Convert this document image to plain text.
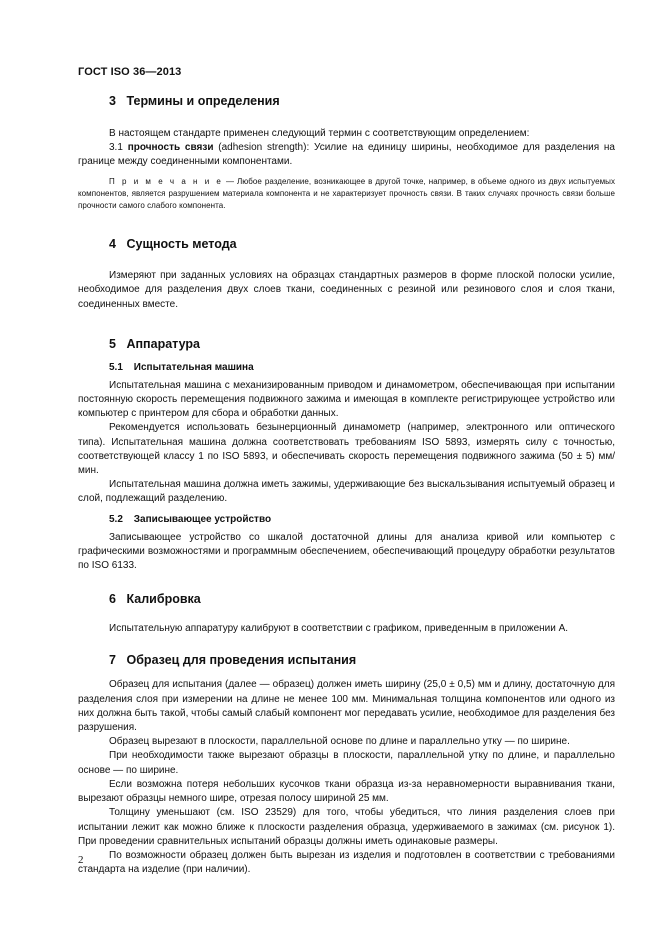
ГОСТ ISO 36—2013
3 Термины и определения

В настоящем стандарте применен следующий термин с соответствующим определением:

3.1 прочность связи (adhesion strength): Усилие на единицу ширины, необходимое для разделения на границе между соединенными компонентами.

П р и м е ч а н и е — Любое разделение, возникающее в другой точке, например, в объеме одного из двух испытуемых компонентов, является разрушением материала компонента и не характеризует прочность связи. В таких случаях прочность связи больше прочности самого слабого компонента.

4 Сущность метода

Измеряют при заданных условиях на образцах стандартных размеров в форме плоской полоски усилие, необходимое для разделения двух слоев ткани, соединенных с резиной или резинового слоя и слоя ткани, соединенных вместе.

5 Аппаратура
5.1 Испытательная машина

Испытательная машина с механизированным приводом и динамометром, обеспечивающая при испытании постоянную скорость перемещения подвижного зажима и имеющая в комплекте регистрирующее устройство или компьютер с принтером для сбора и обработки данных.

Рекомендуется использовать безынерционный динамометр (например, электронного или оптического типа). Испытательная машина должна соответствовать требованиям ISO 5893, измерять силу с точностью, соответствующей классу 1 по ISO 5893, и обеспечивать скорость перемещения подвижного зажима (50 ± 5) мм/мин.

Испытательная машина должна иметь зажимы, удерживающие без выскальзывания испытуемый образец и слой, подлежащий разделению.

5.2 Записывающее устройство

Записывающее устройство со шкалой достаточной длины для анализа кривой или компьютер с графическими возможностями и программным обеспечением, обеспечивающий процедуру обработки результатов по ISO 6133.

6 Калибровка

Испытательную аппаратуру калибруют в соответствии с графиком, приведенным в приложении А.

7 Образец для проведения испытания

Образец для испытания (далее — образец) должен иметь ширину (25,0 ± 0,5) мм и длину, достаточную для разделения слоя при измерении на длине не менее 100 мм. Минимальная толщина компонентов или одного из них должна быть такой, чтобы самый слабый компонент мог передавать усилие, необходимое для разделения без разрушения.

Образец вырезают в плоскости, параллельной основе по длине и параллельно утку — по ширине.

При необходимости также вырезают образцы в плоскости, параллельной утку по длине, и параллельно основе — по ширине.

Если возможна потеря небольших кусочков ткани образца из-за неравномерности выравнивания ткани, вырезают образцы немного шире, отрезая полосу шириной 25 мм.

Толщину уменьшают (см. ISO 23529) для того, чтобы убедиться, что линия разделения слоев при испытании лежит как можно ближе к плоскости разделения образца, удерживаемого в зажимах (см. рисунок 1). При проведении сравнительных испытаний образцы должны иметь одинаковые размеры.

По возможности образец должен быть вырезан из изделия и подготовлен в соответствии с требованиями стандарта на изделие (при наличии).

2
